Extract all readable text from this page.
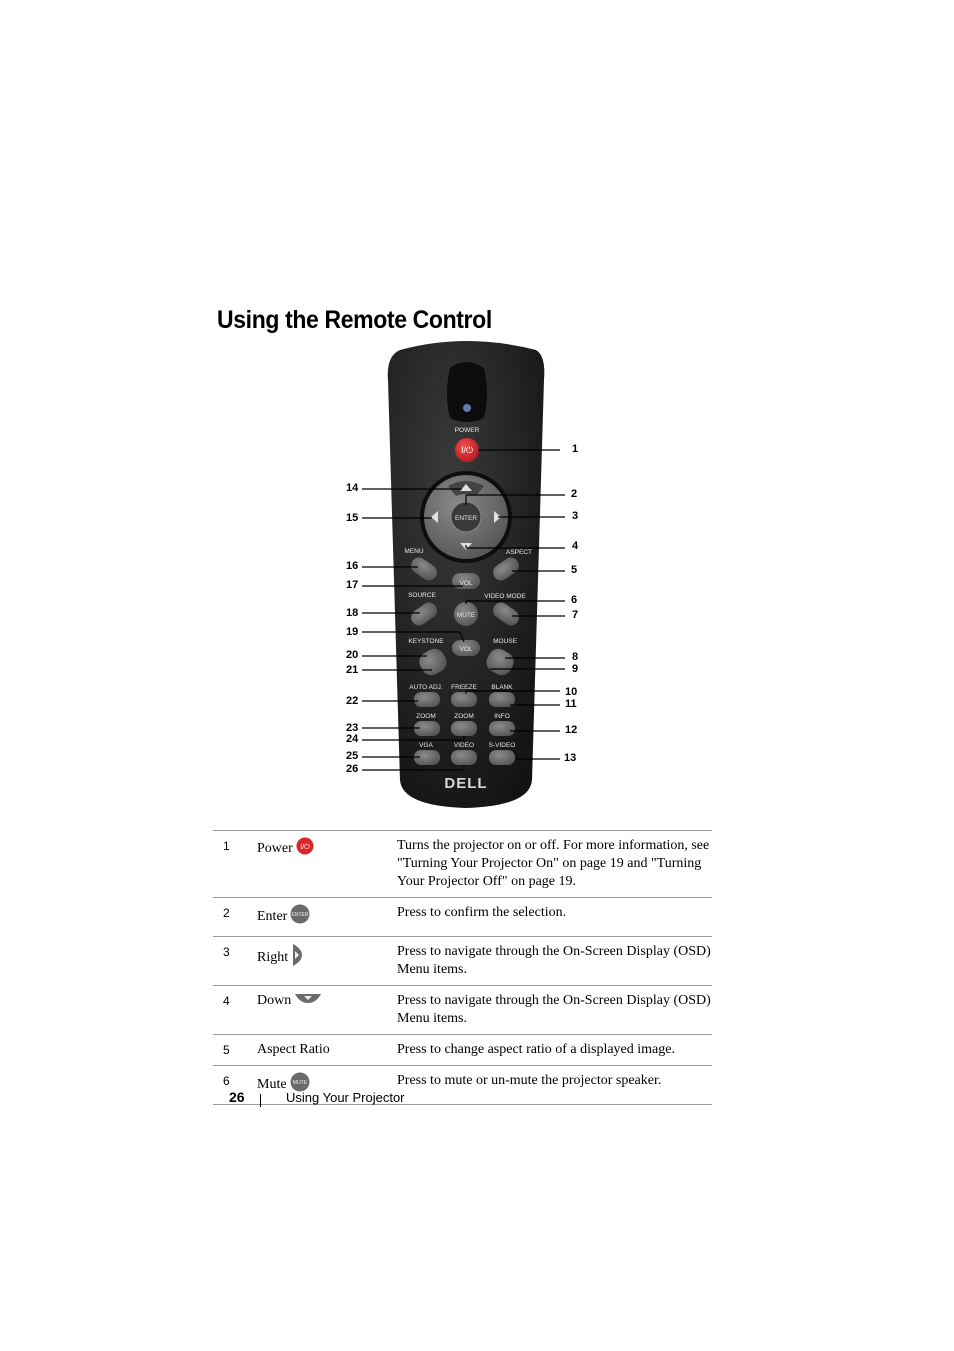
Using the Remote Control
POWER
I/⏻
ENTER
MENU	ASPECT
VOL
SOURCE	VIDEO MODE
MUTE
KEYSTONE	MOUSE
VOL
AUTO ADJ. FREEZE BLANK
ZOOM	ZOOM	INFO
VGA	VIDEO S-VIDEO
DELL
1
2
3
4
5
6
7
8
9
10
11
12
13
14
15
16
17
18
19
20
21
22
23
24
25
26
1	Power I/⏻	Turns the projector on or off. For more information, see "Turning Your Projector On" on page 19 and "Turning Your Projector Off" on page 19.
2	Enter ENTER	Press to confirm the selection.
3	Right	Press to navigate through the On-Screen Display (OSD) Menu items.
4	Down	Press to navigate through the On-Screen Display (OSD) Menu items.
5	Aspect Ratio	Press to change aspect ratio of a displayed image.
6	Mute MUTE	Press to mute or un-mute the projector speaker.
26	Using Your Projector
